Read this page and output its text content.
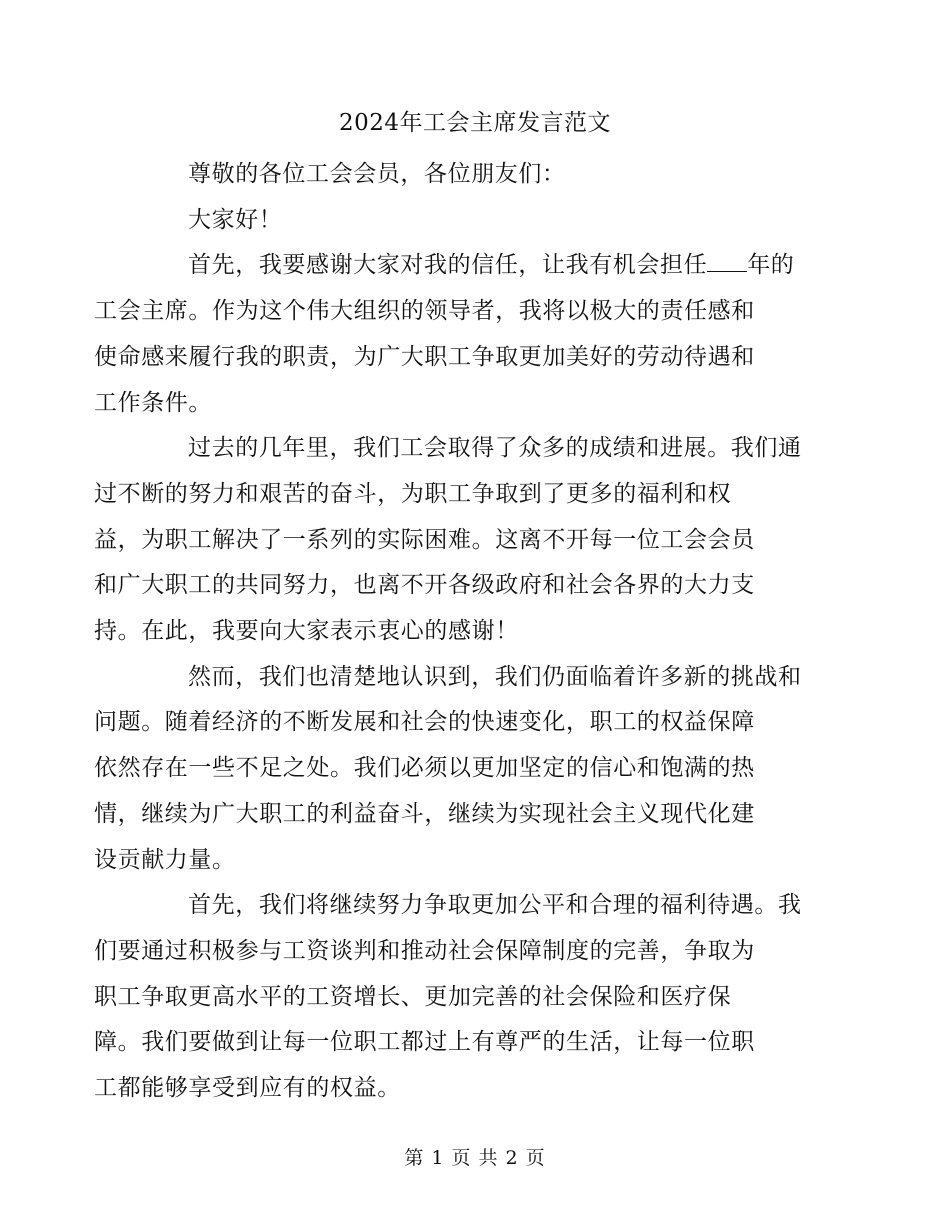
2024年工会主席发言范文

尊敬的各位工会会员，各位朋友们：

大家好！

首先，我要感谢大家对我的信任，让我有机会担任 年的
工会主席。作为这个伟大组织的领导者，我将以极大的责任感和
使命感来履行我的职责，为广大职工争取更加美好的劳动待遇和
工作条件。

过去的几年里，我们工会取得了众多的成绩和进展。我们通
过不断的努力和艰苦的奋斗，为职工争取到了更多的福利和权
益，为职工解决了一系列的实际困难。这离不开每一位工会会员
和广大职工的共同努力，也离不开各级政府和社会各界的大力支
持。在此，我要向大家表示衷心的感谢！

然而，我们也清楚地认识到，我们仍面临着许多新的挑战和
问题。随着经济的不断发展和社会的快速变化，职工的权益保障
依然存在一些不足之处。我们必须以更加坚定的信心和饱满的热
情，继续为广大职工的利益奋斗，继续为实现社会主义现代化建
设贡献力量。

首先，我们将继续努力争取更加公平和合理的福利待遇。我
们要通过积极参与工资谈判和推动社会保障制度的完善，争取为
职工争取更高水平的工资增长、更加完善的社会保险和医疗保
障。我们要做到让每一位职工都过上有尊严的生活，让每一位职
工都能够享受到应有的权益。

第 1 页 共 2 页
